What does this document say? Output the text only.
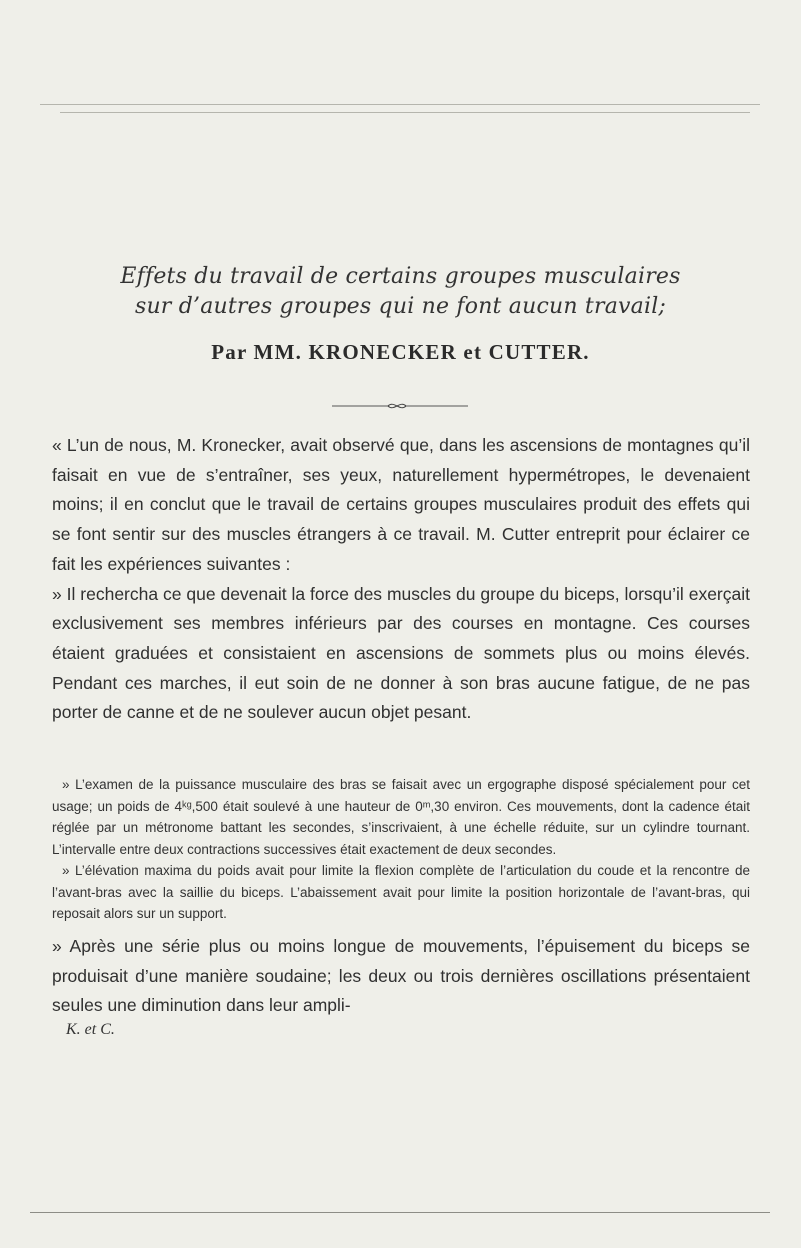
Effets du travail de certains groupes musculaires
sur d’autres groupes qui ne font aucun travail;
Par MM. KRONECKER et CUTTER.

« L’un de nous, M. Kronecker, avait observé que, dans les ascensions de montagnes qu’il faisait en vue de s’entraîner, ses yeux, naturellement hypermétropes, le devenaient moins; il en conclut que le travail de certains groupes musculaires produit des effets qui se font sentir sur des muscles étrangers à ce travail. M. Cutter entreprit pour éclairer ce fait les expériences suivantes :

» Il rechercha ce que devenait la force des muscles du groupe du biceps, lorsqu’il exerçait exclusivement ses membres inférieurs par des courses en montagne. Ces courses étaient graduées et consistaient en ascensions de sommets plus ou moins élevés. Pendant ces marches, il eut soin de ne donner à son bras aucune fatigue, de ne pas porter de canne et de ne soulever aucun objet pesant.

» L’examen de la puissance musculaire des bras se faisait avec un ergographe disposé spécialement pour cet usage; un poids de 4ᵏᵍ,500 était soulevé à une hauteur de 0ᵐ,30 environ. Ces mouvements, dont la cadence était réglée par un métronome battant les secondes, s’inscrivaient, à une échelle réduite, sur un cylindre tournant. L’intervalle entre deux contractions successives était exactement de deux secondes.

» L’élévation maxima du poids avait pour limite la flexion complète de l’articulation du coude et la rencontre de l’avant-bras avec la saillie du biceps. L’abaissement avait pour limite la position horizontale de l’avant-bras, qui reposait alors sur un support.

» Après une série plus ou moins longue de mouvements, l’épuisement du biceps se produisait d’une manière soudaine; les deux ou trois dernières oscillations présentaient seules une diminution dans leur ampli-

K. et C.
